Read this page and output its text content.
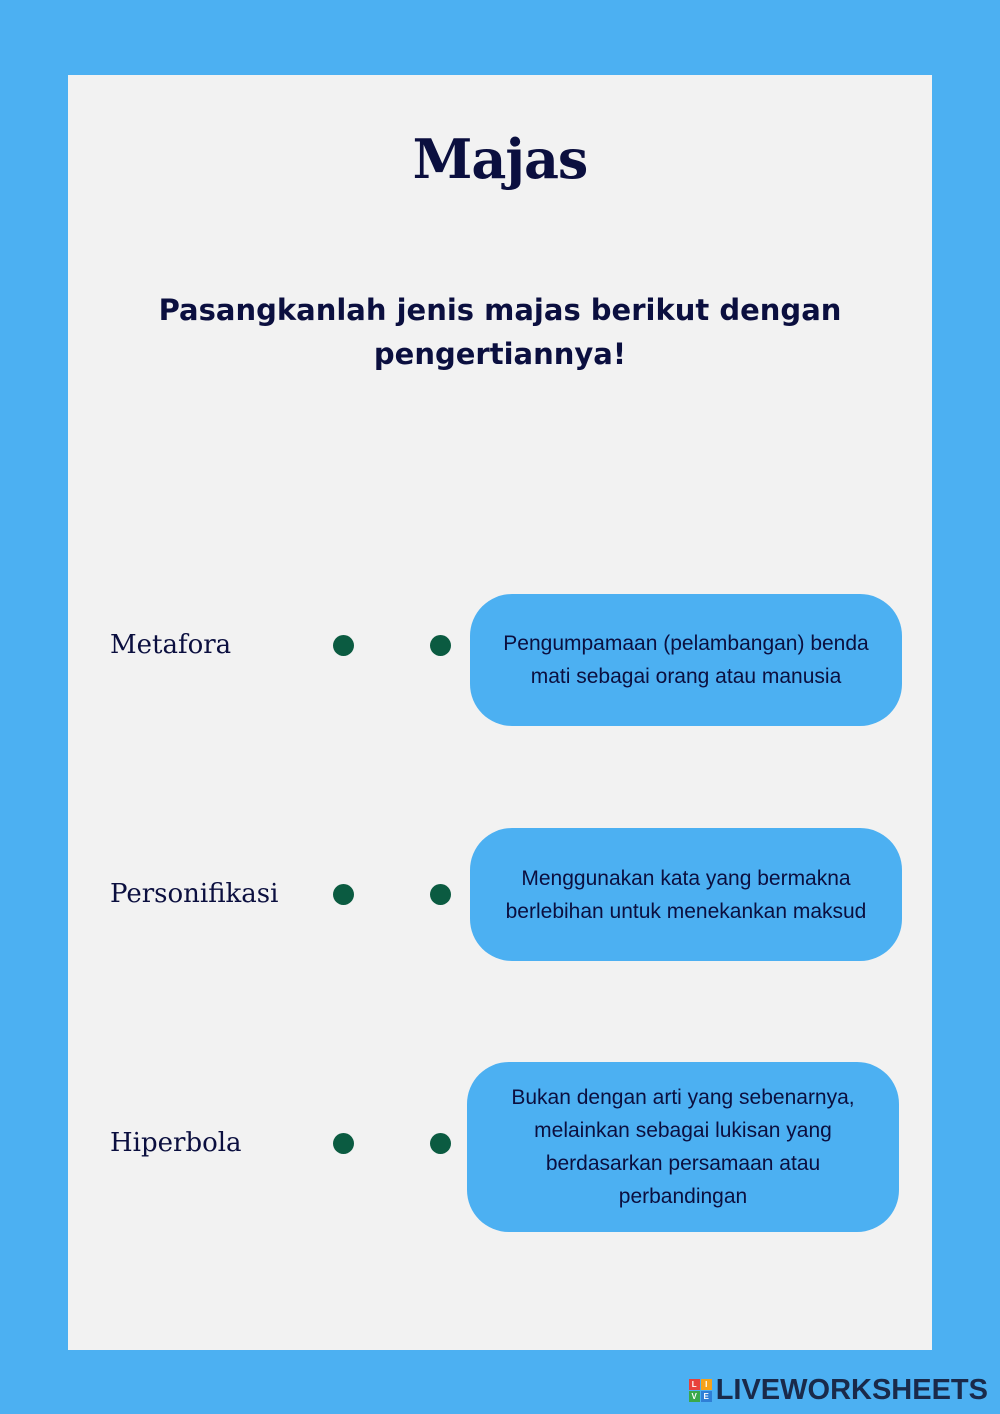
Majas

Pasangkanlah jenis majas berikut dengan pengertiannya!

Metafora	Pengumpamaan (pelambangan) benda mati sebagai orang atau manusia
Personifikasi
Menggunakan kata yang bermakna berlebihan untuk menekankan maksud
Hiperbola
Bukan dengan arti yang sebenarnya, melainkan sebagai lukisan yang berdasarkan persamaan atau perbandingan
L	I
V E LIVEWORKSHEETS
